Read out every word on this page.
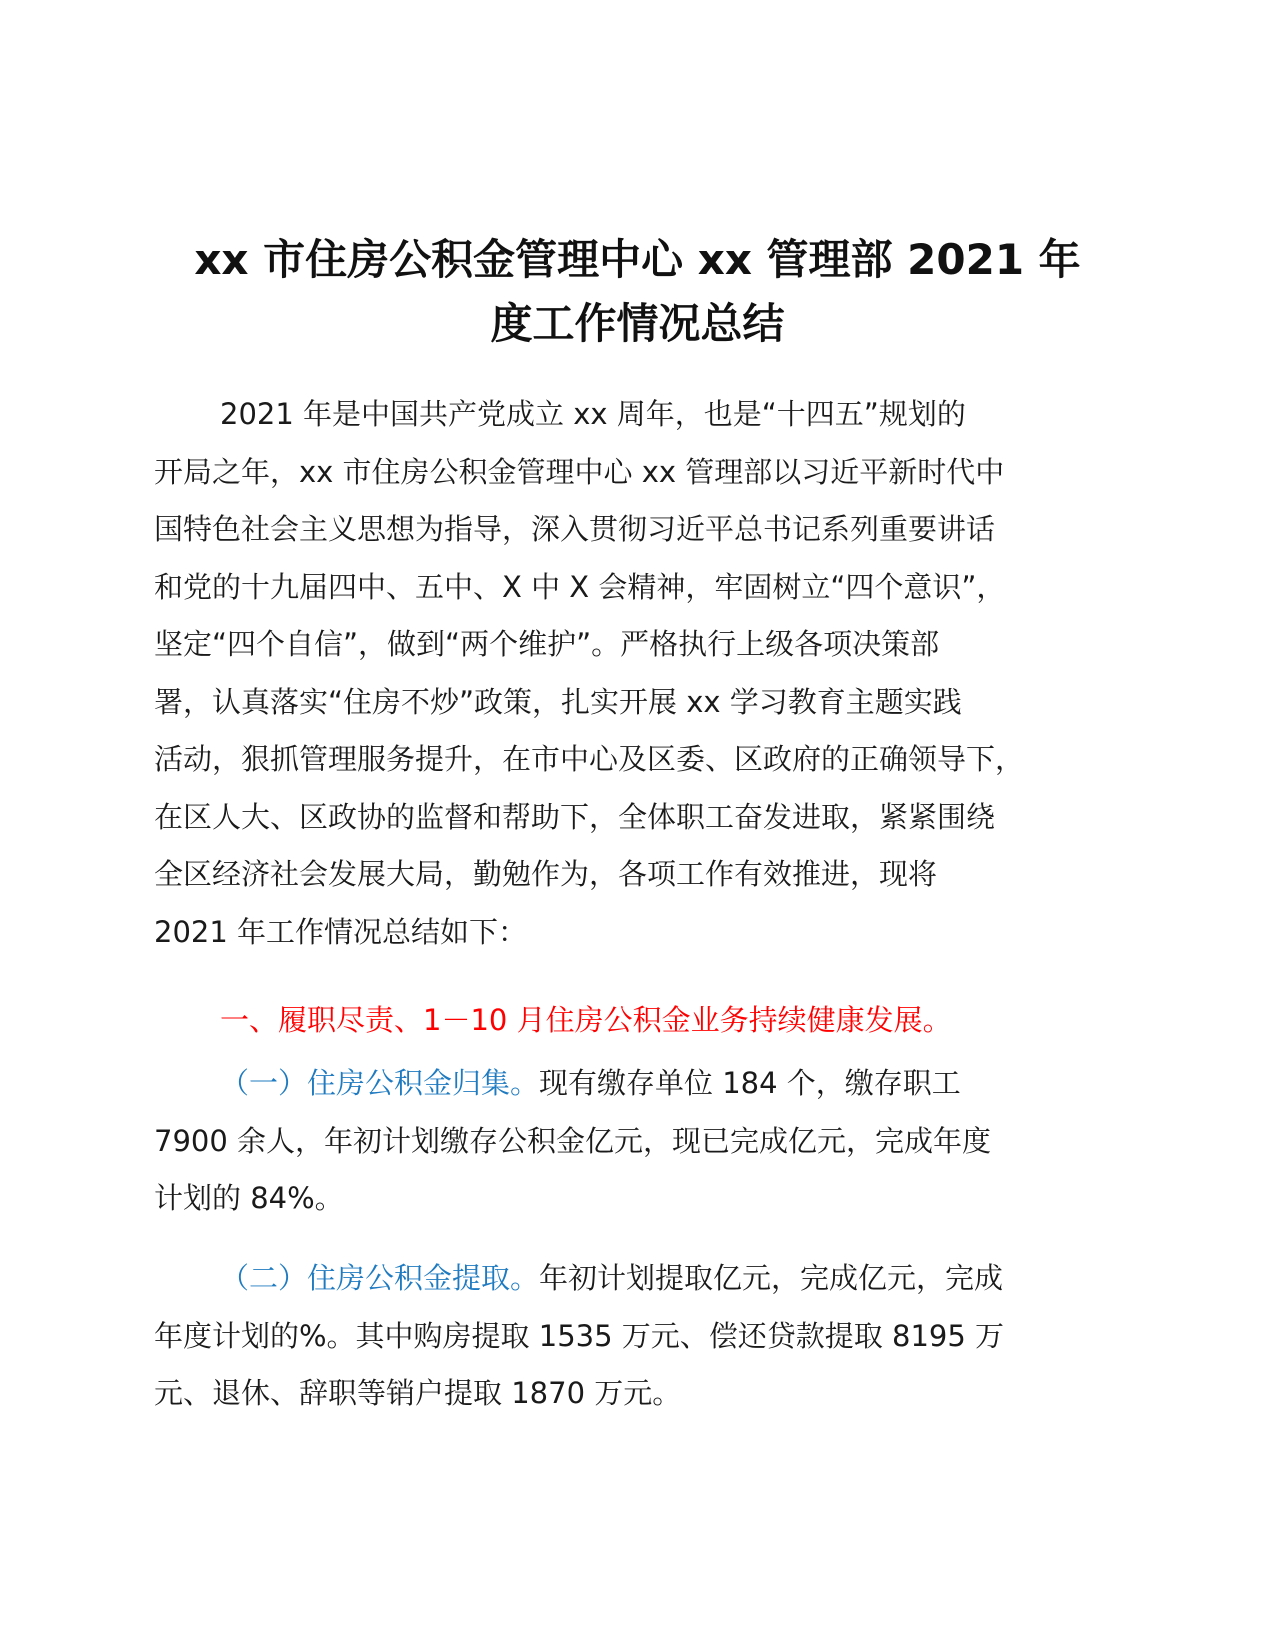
xx 市住房公积金管理中心 xx 管理部 2021 年
度工作情况总结
2021 年是中国共产党成立 xx 周年，也是“十四五”规划的
开局之年，xx 市住房公积金管理中心 xx 管理部以习近平新时代中
国特色社会主义思想为指导，深入贯彻习近平总书记系列重要讲话
和党的十九届四中、五中、X 中 X 会精神，牢固树立“四个意识”，
坚定“四个自信”，做到“两个维护”。严格执行上级各项决策部
署，认真落实“住房不炒”政策，扎实开展 xx 学习教育主题实践
活动，狠抓管理服务提升，在市中心及区委、区政府的正确领导下，
在区人大、区政协的监督和帮助下，全体职工奋发进取，紧紧围绕
全区经济社会发展大局，勤勉作为，各项工作有效推进，现将
2021 年工作情况总结如下：
一、履职尽责、1－10 月住房公积金业务持续健康发展。
（一）住房公积金归集。现有缴存单位 184 个，缴存职工
7900 余人，年初计划缴存公积金亿元，现已完成亿元，完成年度
计划的 84%。
（二）住房公积金提取。年初计划提取亿元，完成亿元，完成
年度计划的%。其中购房提取 1535 万元、偿还贷款提取 8195 万
元、退休、辞职等销户提取 1870 万元。
